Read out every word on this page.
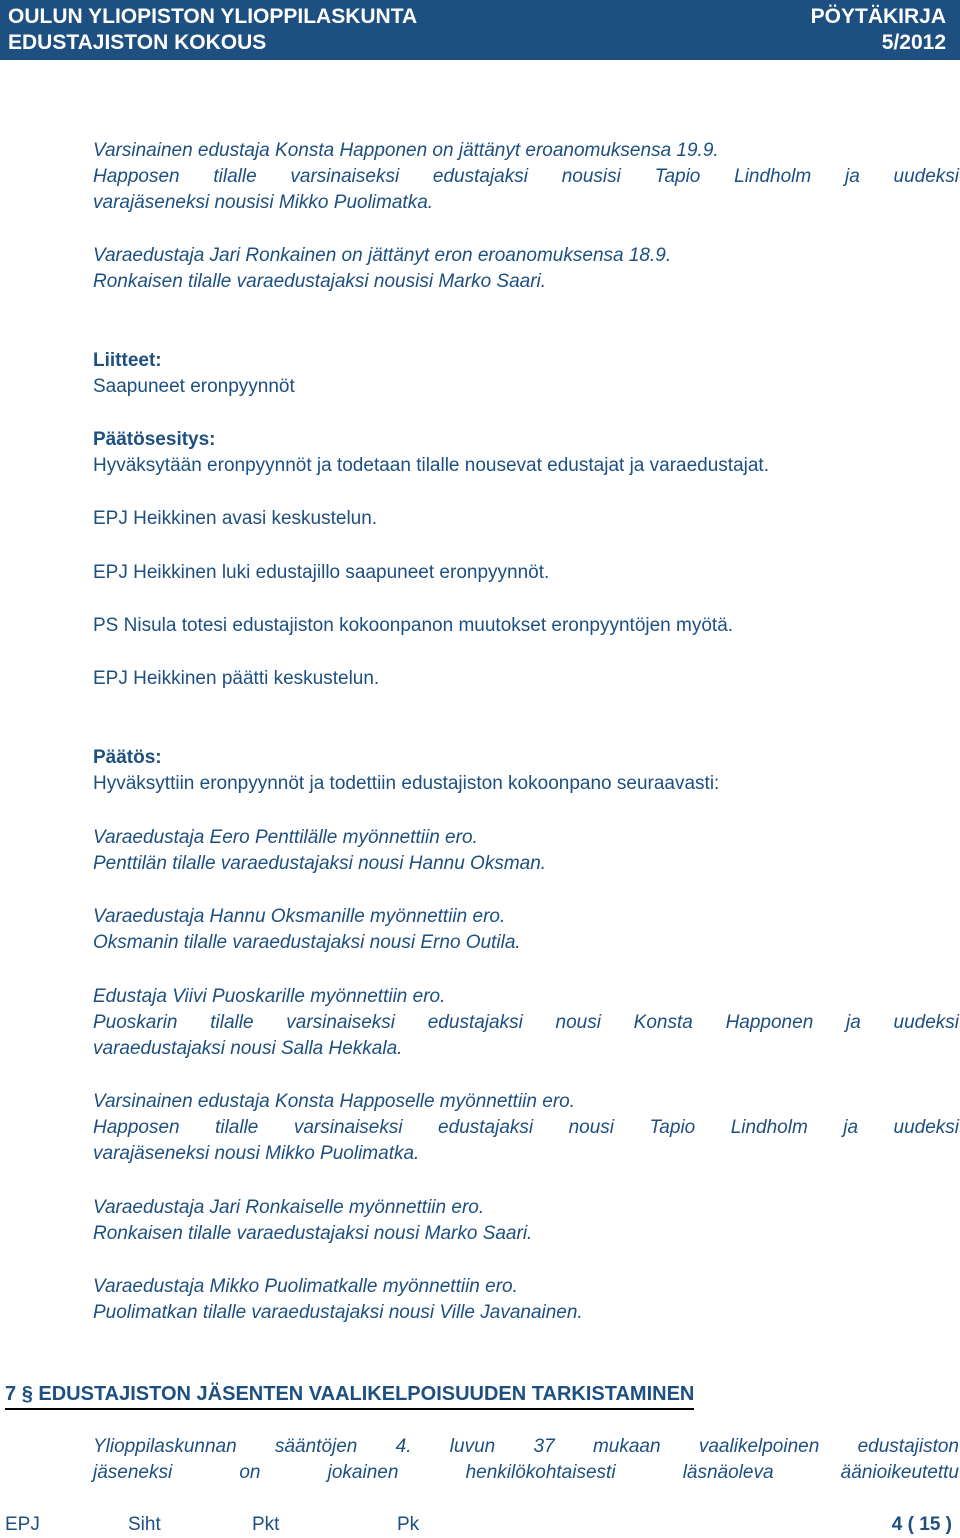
OULUN YLIOPISTON YLIOPPILASKUNTA	PÖYTÄKIRJA
EDUSTAJISTON KOKOUS	5/2012
Varsinainen edustaja Konsta Happonen on jättänyt eroanomuksensa 19.9.
Happosen tilalle varsinaiseksi edustajaksi nousisi Tapio Lindholm ja uudeksi
varajäseneksi nousisi Mikko Puolimatka.
Varaedustaja Jari Ronkainen on jättänyt eron eroanomuksensa 18.9.
Ronkaisen tilalle varaedustajaksi nousisi Marko Saari.
Liitteet:
Saapuneet eronpyynnöt
Päätösesitys:
Hyväksytään eronpyynnöt ja todetaan tilalle nousevat edustajat ja varaedustajat.
EPJ Heikkinen avasi keskustelun.
EPJ Heikkinen luki edustajillo saapuneet eronpyynnöt.
PS Nisula totesi edustajiston kokoonpanon muutokset eronpyyntöjen myötä.
EPJ Heikkinen päätti keskustelun.
Päätös:
Hyväksyttiin eronpyynnöt ja todettiin edustajiston kokoonpano seuraavasti:
Varaedustaja Eero Penttilälle myönnettiin ero.
Penttilän tilalle varaedustajaksi nousi Hannu Oksman.
Varaedustaja Hannu Oksmanille myönnettiin ero.
Oksmanin tilalle varaedustajaksi nousi Erno Outila.
Edustaja Viivi Puoskarille myönnettiin ero.
Puoskarin tilalle varsinaiseksi edustajaksi nousi Konsta Happonen ja uudeksi
varaedustajaksi nousi Salla Hekkala.
Varsinainen edustaja Konsta Happoselle myönnettiin ero.
Happosen tilalle varsinaiseksi edustajaksi nousi Tapio Lindholm ja uudeksi
varajäseneksi nousi Mikko Puolimatka.
Varaedustaja Jari Ronkaiselle myönnettiin ero.
Ronkaisen tilalle varaedustajaksi nousi Marko Saari.
Varaedustaja Mikko Puolimatkalle myönnettiin ero.
Puolimatkan tilalle varaedustajaksi nousi Ville Javanainen.
7 § EDUSTAJISTON JÄSENTEN VAALIKELPOISUUDEN TARKISTAMINEN
Ylioppilaskunnan sääntöjen 4. luvun 37 mukaan vaalikelpoinen edustajiston
jäseneksi on jokainen henkilökohtaisesti läsnäoleva äänioikeutettu
EPJ	Siht	Pkt	Pk	4 ( 15 )
